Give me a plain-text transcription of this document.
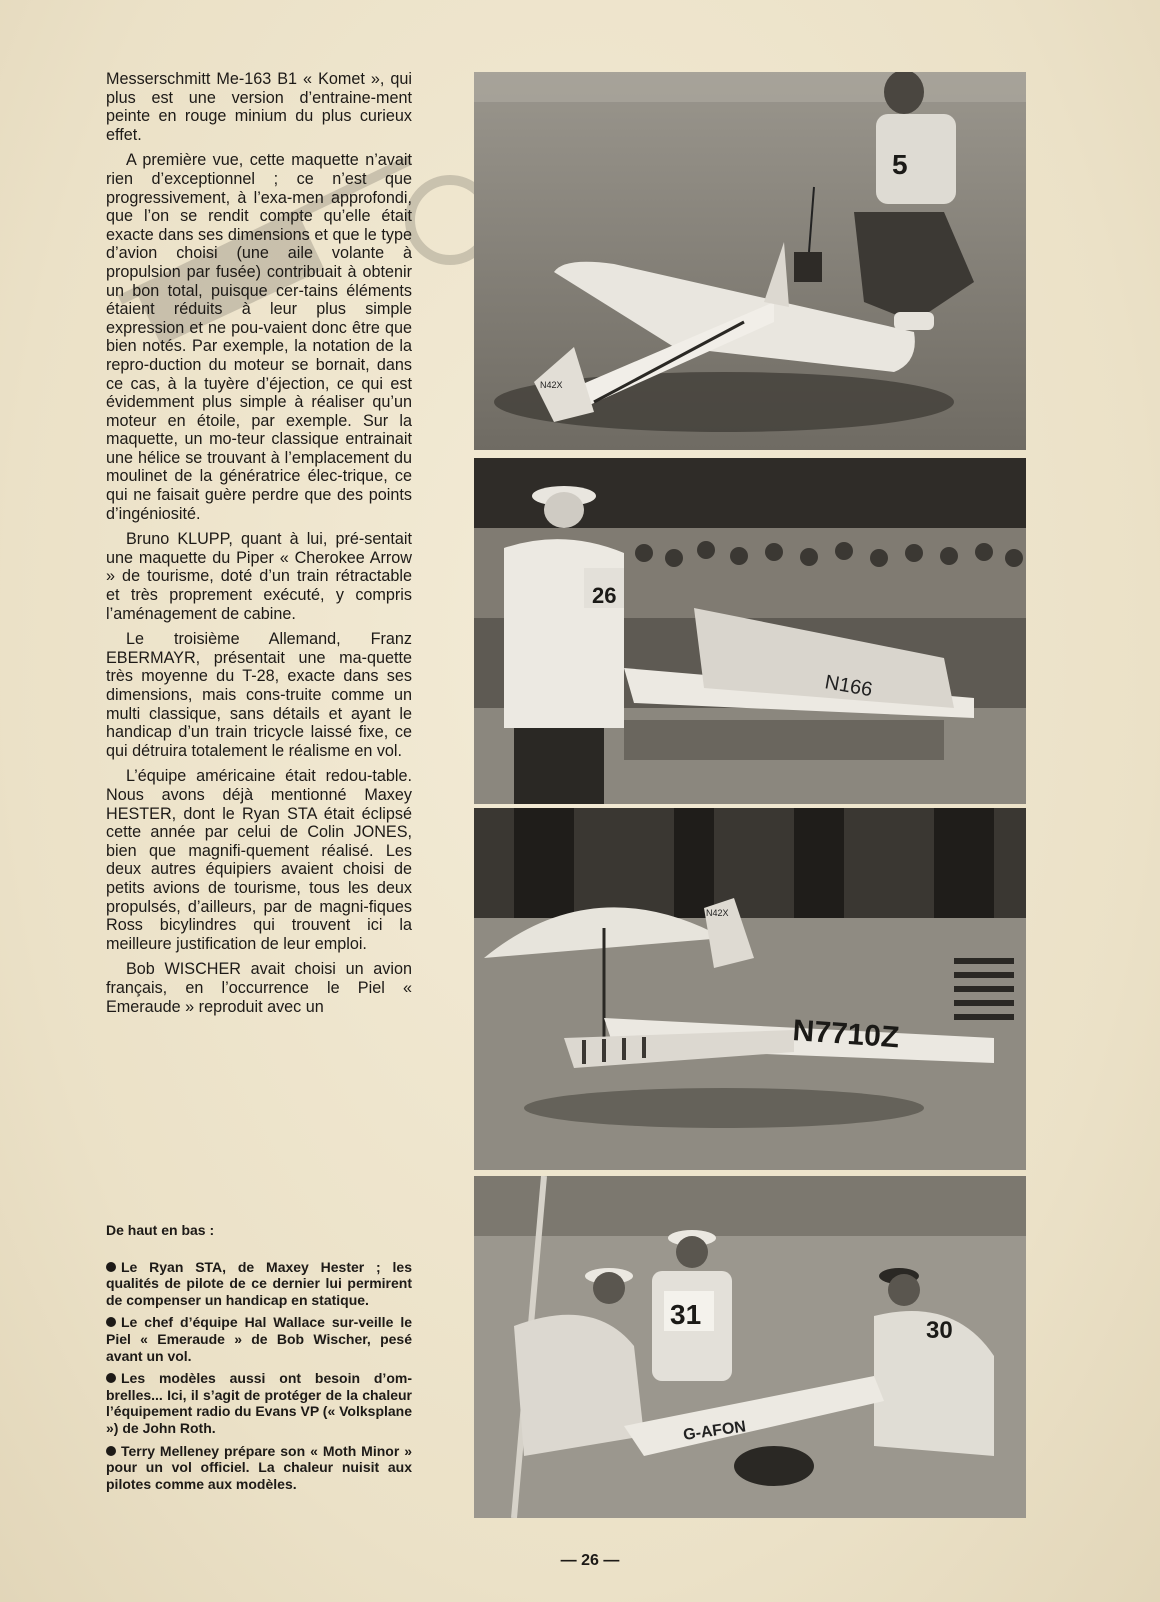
Messerschmitt Me-163 B1 « Komet », qui plus est une version d’entraine-ment peinte en rouge minium du plus curieux effet.

A première vue, cette maquette n’avait rien d’exceptionnel ; ce n’est que progressivement, à l’exa-men approfondi, que l’on se rendit compte qu’elle était exacte dans ses dimensions et que le type d’avion choisi (une aile volante à propulsion par fusée) contribuait à obtenir un bon total, puisque cer-tains éléments étaient réduits à leur plus simple expression et ne pou-vaient donc être que bien notés. Par exemple, la notation de la repro-duction du moteur se bornait, dans ce cas, à la tuyère d’éjection, ce qui est évidemment plus simple à réaliser qu’un moteur en étoile, par exemple. Sur la maquette, un mo-teur classique entrainait une hélice se trouvant à l’emplacement du moulinet de la génératrice élec-trique, ce qui ne faisait guère perdre que des points d’ingéniosité.

Bruno KLUPP, quant à lui, pré-sentait une maquette du Piper « Cherokee Arrow » de tourisme, doté d’un train rétractable et très proprement exécuté, y compris l’aménagement de cabine.

Le troisième Allemand, Franz EBERMAYR, présentait une ma-quette très moyenne du T-28, exacte dans ses dimensions, mais cons-truite comme un multi classique, sans détails et ayant le handicap d’un train tricycle laissé fixe, ce qui détruira totalement le réalisme en vol.

L’équipe américaine était redou-table. Nous avons déjà mentionné Maxey HESTER, dont le Ryan STA était éclipsé cette année par celui de Colin JONES, bien que magnifi-quement réalisé. Les deux autres équipiers avaient choisi de petits avions de tourisme, tous les deux propulsés, d’ailleurs, par de magni-fiques Ross bicylindres qui trouvent ici la meilleure justification de leur emploi.

Bob WISCHER avait choisi un avion français, en l’occurrence le Piel « Emeraude » reproduit avec un

De haut en bas :

Le Ryan STA, de Maxey Hester ; les qualités de pilote de ce dernier lui permirent de compenser un handicap en statique.

Le chef d’équipe Hal Wallace sur-veille le Piel « Emeraude » de Bob Wischer, pesé avant un vol.

Les modèles aussi ont besoin d’om-brelles... Ici, il s’agit de protéger de la chaleur l’équipement radio du Evans VP (« Volksplane ») de John Roth.

Terry Melleney prépare son « Moth Minor » pour un vol officiel. La chaleur nuisit aux pilotes comme aux modèles.

N42X
5
26
N166
N42X
N7710Z
31
30
G-AFON
— 26 —
